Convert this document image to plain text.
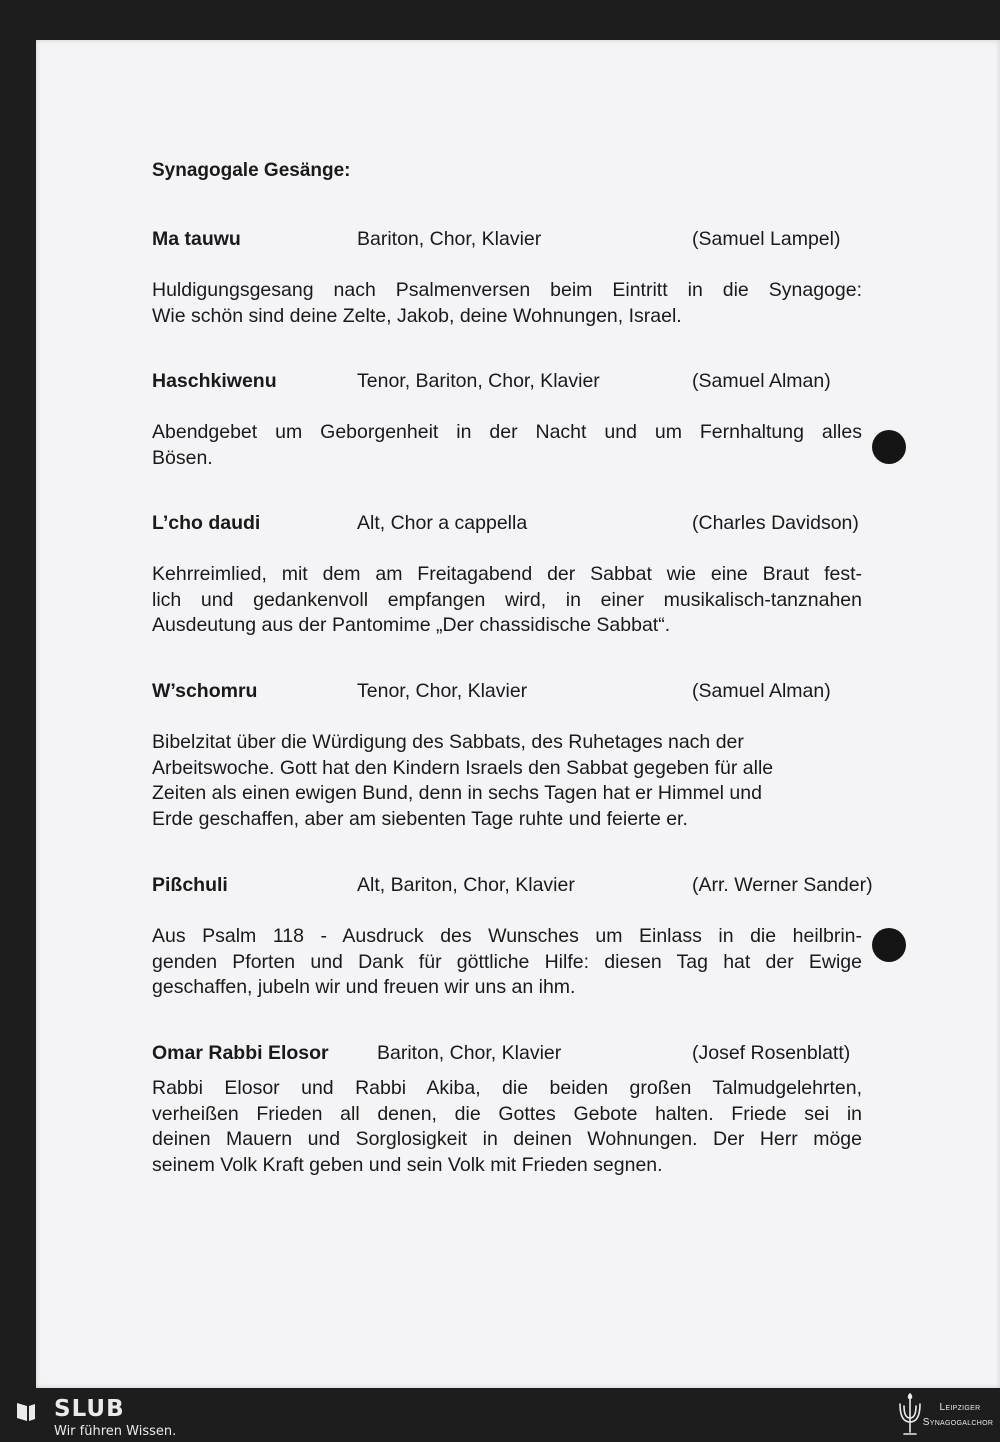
Synagogale Gesänge:
Ma tauwu	Bariton, Chor, Klavier	(Samuel Lampel)

Huldigungsgesang nach Psalmenversen beim Eintritt in die Synagoge:
Wie schön sind deine Zelte, Jakob, deine Wohnungen, Israel.

Haschkiwenu	Tenor, Bariton, Chor, Klavier	(Samuel Alman)

Abendgebet um Geborgenheit in der Nacht und um Fernhaltung alles
Bösen.

L’cho daudi	Alt, Chor a cappella	(Charles Davidson)

Kehrreimlied, mit dem am Freitagabend der Sabbat wie eine Braut fest-
lich und gedankenvoll empfangen wird, in einer musikalisch-tanznahen
Ausdeutung aus der Pantomime „Der chassidische Sabbat“.

W’schomru	Tenor, Chor, Klavier	(Samuel Alman)

Bibelzitat über die Würdigung des Sabbats, des Ruhetages nach der
Arbeitswoche. Gott hat den Kindern Israels den Sabbat gegeben für alle
Zeiten als einen ewigen Bund, denn in sechs Tagen hat er Himmel und
Erde geschaffen, aber am siebenten Tage ruhte und feierte er.

Pißchuli	Alt, Bariton, Chor, Klavier	(Arr. Werner Sander)

Aus Psalm 118 - Ausdruck des Wunsches um Einlass in die heilbrin-
genden Pforten und Dank für göttliche Hilfe: diesen Tag hat der Ewige
geschaffen, jubeln wir und freuen wir uns an ihm.

Omar Rabbi Elosor Bariton, Chor, Klavier	(Josef Rosenblatt)

Rabbi Elosor und Rabbi Akiba, die beiden großen Talmudgelehrten,
verheißen Frieden all denen, die Gottes Gebote halten. Friede sei in
deinen Mauern und Sorglosigkeit in deinen Wohnungen. Der Herr möge
seinem Volk Kraft geben und sein Volk mit Frieden segnen.

SLUB
Wir führen Wissen.
Leipziger
Synagogalchor
